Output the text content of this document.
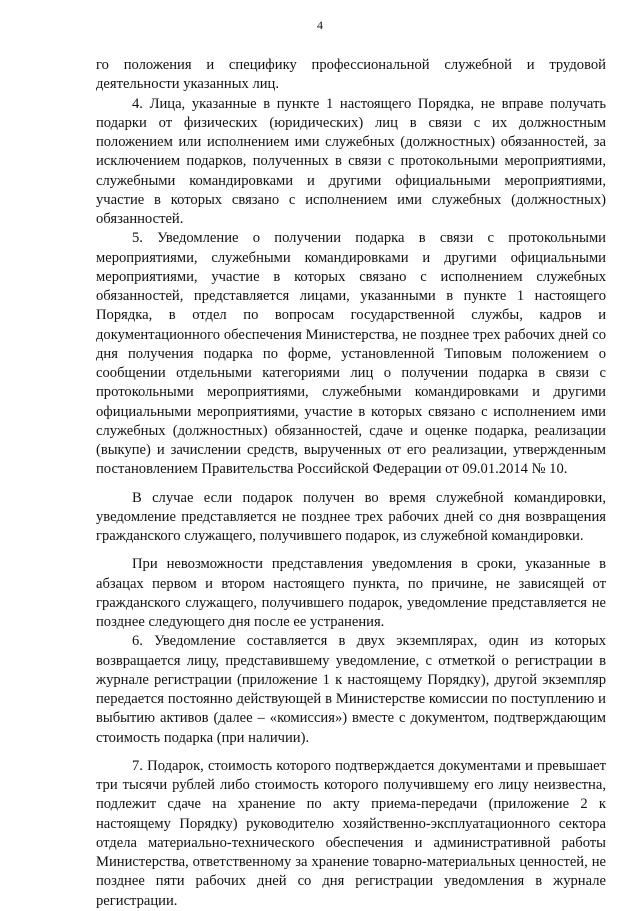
4

го положения и специфику профессиональной служебной и трудовой деятельности указанных лиц.

4. Лица, указанные в пункте 1 настоящего Порядка, не вправе получать подарки от физических (юридических) лиц в связи с их должностным положением или исполнением ими служебных (должностных) обязанностей, за исключением подарков, полученных в связи с протокольными мероприятиями, служебными командировками и другими официальными мероприятиями, участие в которых связано с исполнением ими служебных (должностных) обязанностей.

5. Уведомление о получении подарка в связи с протокольными мероприятиями, служебными командировками и другими официальными мероприятиями, участие в которых связано с исполнением служебных обязанностей, представляется лицами, указанными в пункте 1 настоящего Порядка, в отдел по вопросам государственной службы, кадров и документационного обеспечения Министерства, не позднее трех рабочих дней со дня получения подарка по форме, установленной Типовым положением о сообщении отдельными категориями лиц о получении подарка в связи с протокольными мероприятиями, служебными командировками и другими официальными мероприятиями, участие в которых связано с исполнением ими служебных (должностных) обязанностей, сдаче и оценке подарка, реализации (выкупе) и зачислении средств, вырученных от его реализации, утвержденным постановлением Правительства Российской Федерации от 09.01.2014 № 10.

В случае если подарок получен во время служебной командировки, уведомление представляется не позднее трех рабочих дней со дня возвращения гражданского служащего, получившего подарок, из служебной командировки.

При невозможности представления уведомления в сроки, указанные в абзацах первом и втором настоящего пункта, по причине, не зависящей от гражданского служащего, получившего подарок, уведомление представляется не позднее следующего дня после ее устранения.

6. Уведомление составляется в двух экземплярах, один из которых возвращается лицу, представившему уведомление, с отметкой о регистрации в журнале регистрации (приложение 1 к настоящему Порядку), другой экземпляр передается постоянно действующей в Министерстве комиссии по поступлению и выбытию активов (далее – «комиссия») вместе с документом, подтверждающим стоимость подарка (при наличии).

7. Подарок, стоимость которого подтверждается документами и превышает три тысячи рублей либо стоимость которого получившему его лицу неизвестна, подлежит сдаче на хранение по акту приема-передачи (приложение 2 к настоящему Порядку) руководителю хозяйственно-эксплуатационного сектора отдела материально-технического обеспечения и административной работы Министерства, ответственному за хранение товарно-материальных ценностей, не позднее пяти рабочих дней со дня регистрации уведомления в журнале регистрации.
